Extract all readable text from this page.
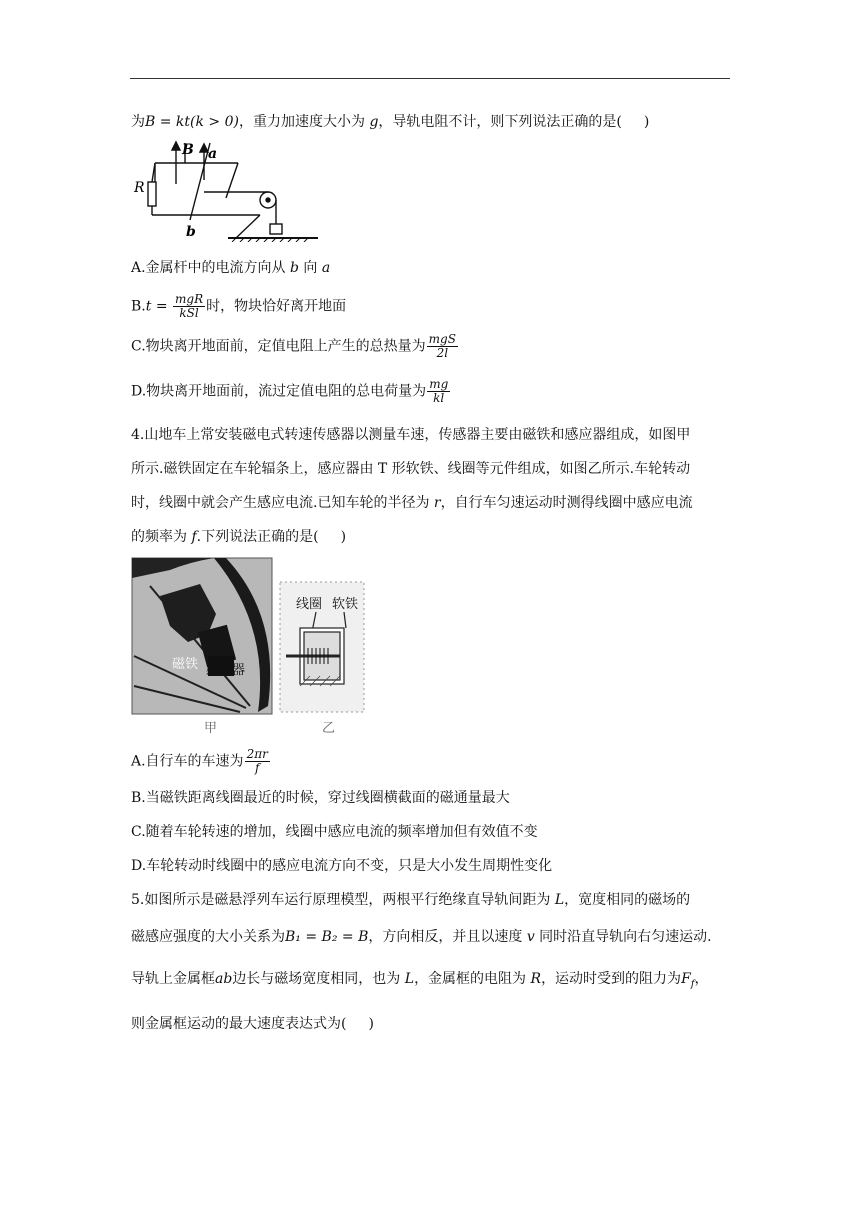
为B = kt(k > 0)，重力加速度大小为 g，导轨电阻不计，则下列说法正确的是( )
B a
b
R
A.金属杆中的电流方向从 b 向 a
$B.t = \frac{\text{mgR}}{\text{kSl}}$ 时，物块恰好离开地面
C.物块离开地面前，定值电阻上产生的总热量为 $\frac{\text{mgS}}{2l}$
D.物块离开地面前，流过定值电阻的总电荷量为 $\frac{mg}{kl}$
4.山地车上常安装磁电式转速传感器以测量车速，传感器主要由磁铁和感应器组成，如图甲
所示.磁铁固定在车轮辐条上，感应器由 T 形软铁、线圈等元件组成，如图乙所示.车轮转动
时，线圈中就会产生感应电流.已知车轮的半径为 r，自行车匀速运动时测得线圈中感应电流
的频率为 f.下列说法正确的是( )
磁铁 感应器
甲
线圈 软铁
乙
A.自行车的车速为 $\frac{2\pi r}{f}$
B.当磁铁距离线圈最近的时候，穿过线圈横截面的磁通量最大
C.随着车轮转速的增加，线圈中感应电流的频率增加但有效值不变
D.车轮转动时线圈中的感应电流方向不变，只是大小发生周期性变化
5.如图所示是磁悬浮列车运行原理模型，两根平行绝缘直导轨间距为 L，宽度相同的磁场的
磁感应强度的大小关系为B₁ = B₂ = B，方向相反，并且以速度 v 同时沿直导轨向右匀速运动.
导轨上金属框ab边长与磁场宽度相同，也为 L，金属框的电阻为 R，运动时受到的阻力为$F_f$，
则金属框运动的最大速度表达式为( )
